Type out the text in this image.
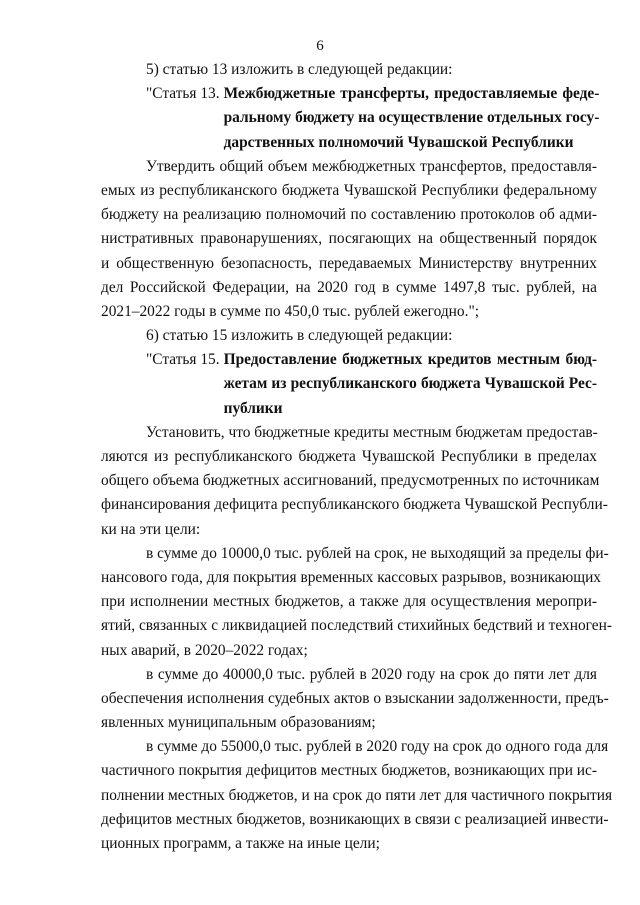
6
5) статью 13 изложить в следующей редакции:
"Статья 13. Межбюджетные трансферты, предоставляемые феде-
ральному бюджету на осуществление отдельных госу-
дарственных полномочий Чувашской Республики
Утвердить общий объем межбюджетных трансфертов, предоставля-
емых из республиканского бюджета Чувашской Республики федеральному
бюджету на реализацию полномочий по составлению протоколов об адми-
нистративных правонарушениях, посягающих на общественный порядок
и общественную безопасность, передаваемых Министерству внутренних
дел Российской Федерации, на 2020 год в сумме 1497,8 тыс. рублей, на
2021–2022 годы в сумме по 450,0 тыс. рублей ежегодно.";
6) статью 15 изложить в следующей редакции:
"Статья 15. Предоставление бюджетных кредитов местным бюд-
жетам из республиканского бюджета Чувашской Рес-
публики
Установить, что бюджетные кредиты местным бюджетам предостав-
ляются из республиканского бюджета Чувашской Республики в пределах
общего объема бюджетных ассигнований, предусмотренных по источникам
финансирования дефицита республиканского бюджета Чувашской Республи-
ки на эти цели:
в сумме до 10000,0 тыс. рублей на срок, не выходящий за пределы фи-
нансового года, для покрытия временных кассовых разрывов, возникающих
при исполнении местных бюджетов, а также для осуществления меропри-
ятий, связанных с ликвидацией последствий стихийных бедствий и техноген-
ных аварий, в 2020–2022 годах;
в сумме до 40000,0 тыс. рублей в 2020 году на срок до пяти лет для
обеспечения исполнения судебных актов о взыскании задолженности, предъ-
явленных муниципальным образованиям;
в сумме до 55000,0 тыс. рублей в 2020 году на срок до одного года для
частичного покрытия дефицитов местных бюджетов, возникающих при ис-
полнении местных бюджетов, и на срок до пяти лет для частичного покрытия
дефицитов местных бюджетов, возникающих в связи с реализацией инвести-
ционных программ, а также на иные цели;
